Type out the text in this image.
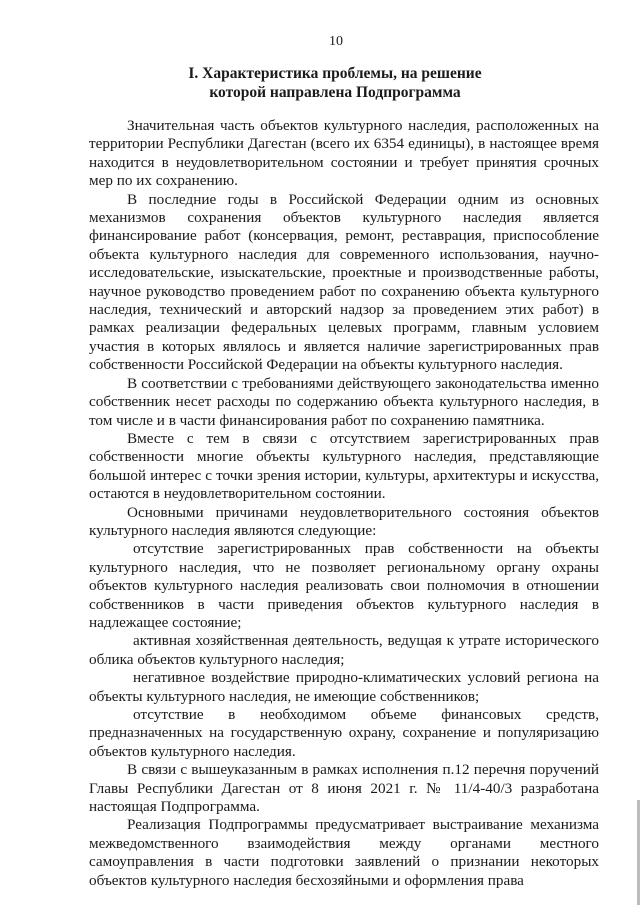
10
I. Характеристика проблемы, на решение
которой направлена Подпрограмма

Значительная часть объектов культурного наследия, расположенных на территории Республики Дагестан (всего их 6354 единицы), в настоящее время находится в неудовлетворительном состоянии и требует принятия срочных мер по их сохранению.

В последние годы в Российской Федерации одним из основных механизмов сохранения объектов культурного наследия является финансирование работ (консервация, ремонт, реставрация, приспособление объекта культурного наследия для современного использования, научно-исследовательские, изыскательские, проектные и производственные работы, научное руководство проведением работ по сохранению объекта культурного наследия, технический и авторский надзор за проведением этих работ) в рамках реализации федеральных целевых программ, главным условием участия в которых являлось и является наличие зарегистрированных прав собственности Российской Федерации на объекты культурного наследия.

В соответствии с требованиями действующего законодательства именно собственник несет расходы по содержанию объекта культурного наследия, в том числе и в части финансирования работ по сохранению памятника.

Вместе с тем в связи с отсутствием зарегистрированных прав собственности многие объекты культурного наследия, представляющие большой интерес с точки зрения истории, культуры, архитектуры и искусства, остаются в неудовлетворительном состоянии.

Основными причинами неудовлетворительного состояния объектов культурного наследия являются следующие:

отсутствие зарегистрированных прав собственности на объекты культурного наследия, что не позволяет региональному органу охраны объектов культурного наследия реализовать свои полномочия в отношении собственников в части приведения объектов культурного наследия в надлежащее состояние;

активная хозяйственная деятельность, ведущая к утрате исторического облика объектов культурного наследия;

негативное воздействие природно-климатических условий региона на объекты культурного наследия, не имеющие собственников;

отсутствие в необходимом объеме финансовых средств, предназначенных на государственную охрану, сохранение и популяризацию объектов культурного наследия.

В связи с вышеуказанным в рамках исполнения п.12 перечня поручений Главы Республики Дагестан от 8 июня 2021 г. № 11/4-40/3 разработана настоящая Подпрограмма.

Реализация Подпрограммы предусматривает выстраивание механизма межведомственного взаимодействия между органами местного самоуправления в части подготовки заявлений о признании некоторых объектов культурного наследия бесхозяйными и оформления права
